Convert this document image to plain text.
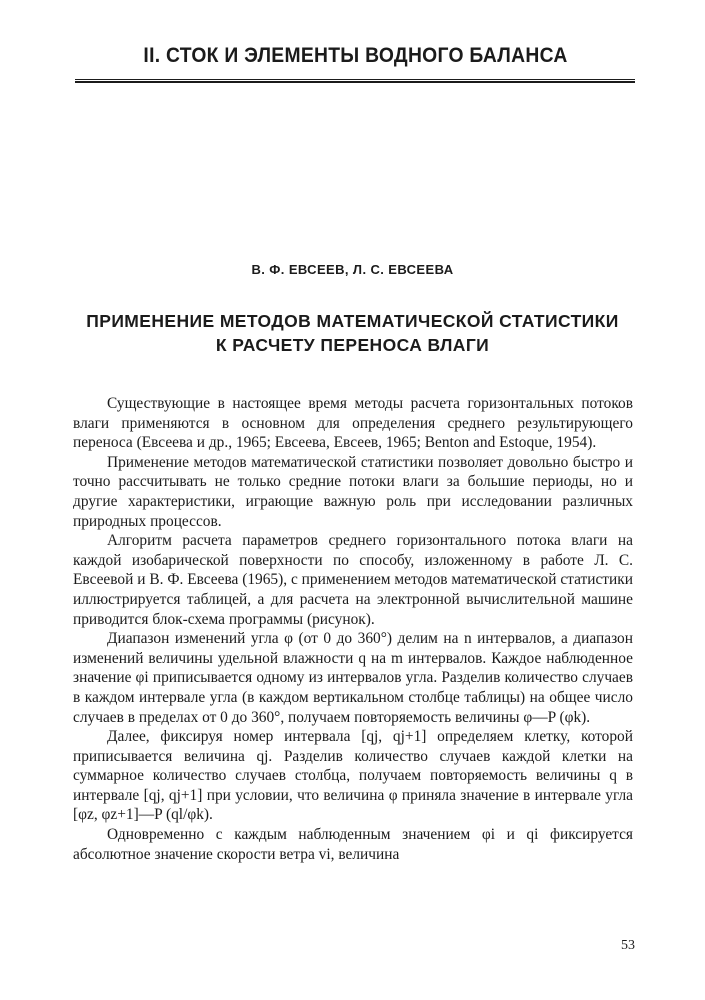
II. СТОК И ЭЛЕМЕНТЫ ВОДНОГО БАЛАНСА
В. Ф. ЕВСЕЕВ, Л. С. ЕВСЕЕВА
ПРИМЕНЕНИЕ МЕТОДОВ МАТЕМАТИЧЕСКОЙ СТАТИСТИКИ
К РАСЧЕТУ ПЕРЕНОСА ВЛАГИ

Существующие в настоящее время методы расчета горизонтальных потоков влаги применяются в основном для определения среднего результирующего переноса (Евсеева и др., 1965; Евсеева, Евсеев, 1965; Benton and Estoque, 1954).

Применение методов математической статистики позволяет довольно быстро и точно рассчитывать не только средние потоки влаги за большие периоды, но и другие характеристики, играющие важную роль при исследовании различных природных процессов.

Алгоритм расчета параметров среднего горизонтального потока влаги на каждой изобарической поверхности по способу, изложенному в работе Л. С. Евсеевой и В. Ф. Евсеева (1965), с применением методов математической статистики иллюстрируется таблицей, а для расчета на электронной вычислительной машине приводится блок-схема программы (рисунок).

Диапазон изменений угла φ (от 0 до 360°) делим на n интервалов, а диапазон изменений величины удельной влажности q на m интервалов. Каждое наблюденное значение φi приписывается одному из интервалов угла. Разделив количество случаев в каждом интервале угла (в каждом вертикальном столбце таблицы) на общее число случаев в пределах от 0 до 360°, получаем повторяемость величины φ—P (φk).

Далее, фиксируя номер интервала [qj, qj+1] определяем клетку, которой приписывается величина qj. Разделив количество случаев каждой клетки на суммарное количество случаев столбца, получаем повторяемость величины q в интервале [qj, qj+1] при условии, что величина φ приняла значение в интервале угла [φz, φz+1]—P (ql/φk).

Одновременно с каждым наблюденным значением φi и qi фиксируется абсолютное значение скорости ветра vi, величина

53
